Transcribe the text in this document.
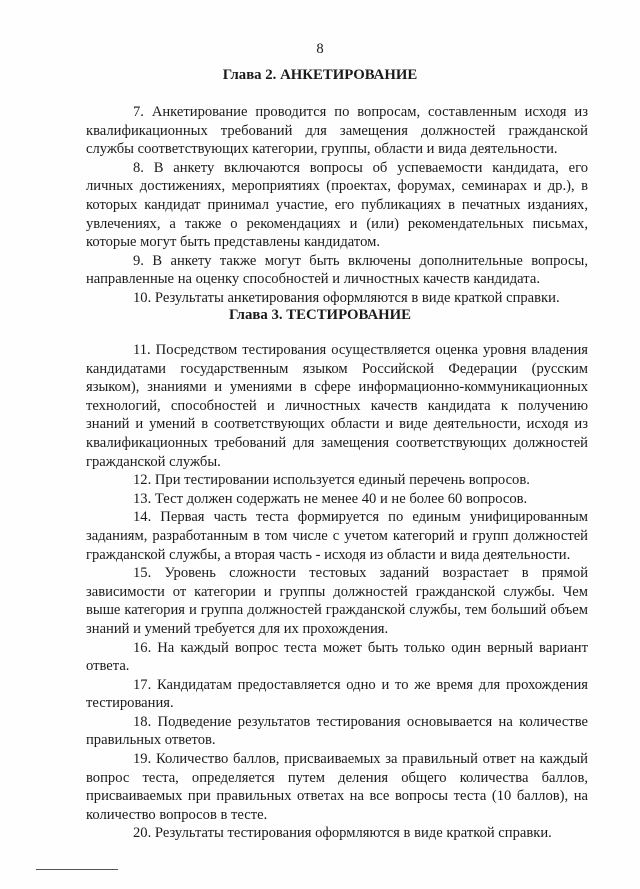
8
Глава 2. АНКЕТИРОВАНИЕ

7. Анкетирование проводится по вопросам, составленным исходя из квалификационных требований для замещения должностей гражданской службы соответствующих категории, группы, области и вида деятельности.

8. В анкету включаются вопросы об успеваемости кандидата, его личных достижениях, мероприятиях (проектах, форумах, семинарах и др.), в которых кандидат принимал участие, его публикациях в печатных изданиях, увлечениях, а также о рекомендациях и (или) рекомендательных письмах, которые могут быть представлены кандидатом.

9. В анкету также могут быть включены дополнительные вопросы, направленные на оценку способностей и личностных качеств кандидата.

10. Результаты анкетирования оформляются в виде краткой справки.

Глава 3. ТЕСТИРОВАНИЕ

11. Посредством тестирования осуществляется оценка уровня владения кандидатами государственным языком Российской Федерации (русским языком), знаниями и умениями в сфере информационно-коммуникационных технологий, способностей и личностных качеств кандидата к получению знаний и умений в соответствующих области и виде деятельности, исходя из квалификационных требований для замещения соответствующих должностей гражданской службы.

12. При тестировании используется единый перечень вопросов.

13. Тест должен содержать не менее 40 и не более 60 вопросов.

14. Первая часть теста формируется по единым унифицированным заданиям, разработанным в том числе с учетом категорий и групп должностей гражданской службы, а вторая часть - исходя из области и вида деятельности.

15. Уровень сложности тестовых заданий возрастает в прямой зависимости от категории и группы должностей гражданской службы. Чем выше категория и группа должностей гражданской службы, тем больший объем знаний и умений требуется для их прохождения.

16. На каждый вопрос теста может быть только один верный вариант ответа.

17. Кандидатам предоставляется одно и то же время для прохождения тестирования.

18. Подведение результатов тестирования основывается на количестве правильных ответов.

19. Количество баллов, присваиваемых за правильный ответ на каждый вопрос теста, определяется путем деления общего количества баллов, присваиваемых при правильных ответах на все вопросы теста (10 баллов), на количество вопросов в тесте.

20. Результаты тестирования оформляются в виде краткой справки.
